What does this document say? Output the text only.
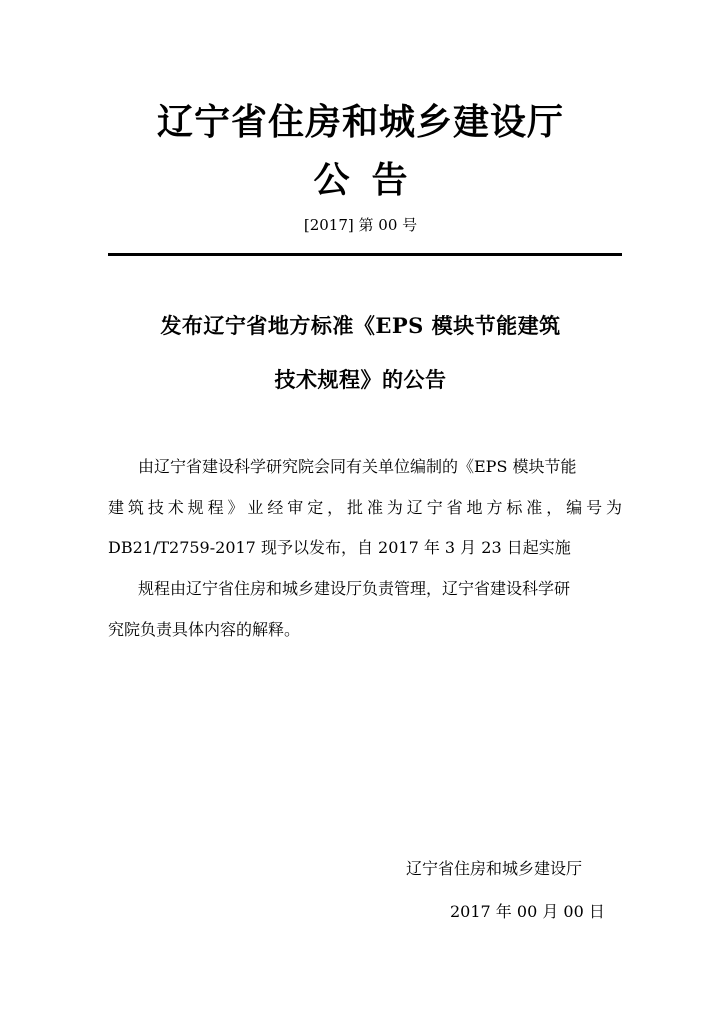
辽宁省住房和城乡建设厅
公告
[2017] 第 00 号
发布辽宁省地方标准《EPS 模块节能建筑
技术规程》的公告
由辽宁省建设科学研究院会同有关单位编制的《EPS 模块节能
建筑技术规程》业经审定，批准为辽宁省地方标准，编号为
DB21/T2759-2017 现予以发布，自 2017 年 3 月 23 日起实施
规程由辽宁省住房和城乡建设厅负责管理，辽宁省建设科学研
究院负责具体内容的解释。
辽宁省住房和城乡建设厅
2017 年 00 月 00 日
